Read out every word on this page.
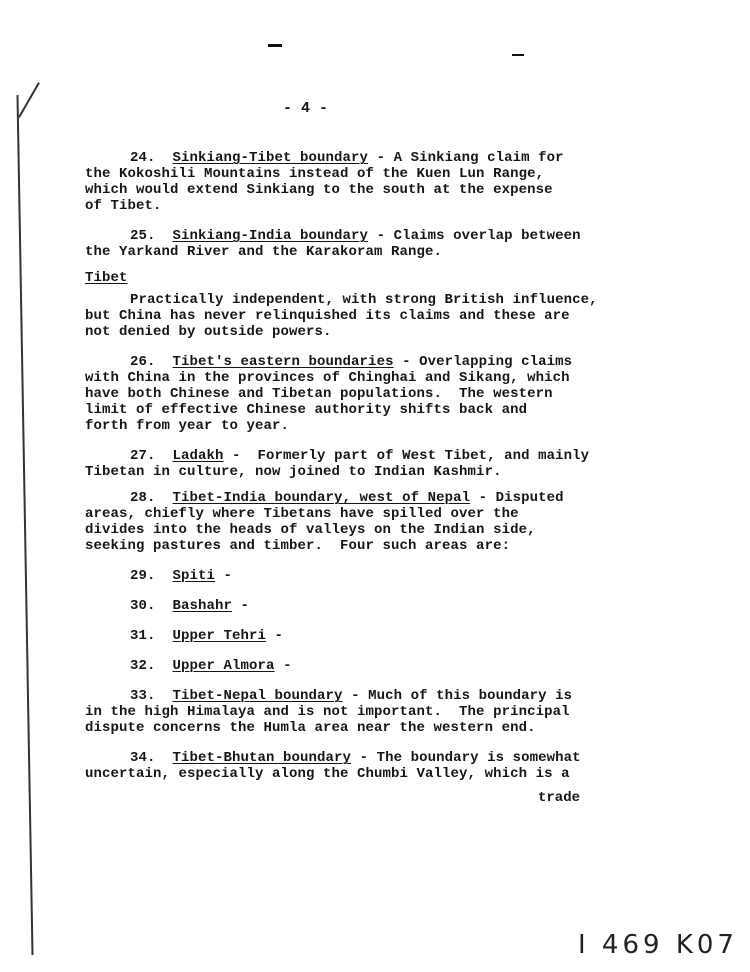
- 4 -
24. Sinkiang-Tibet boundary - A Sinkiang claim for
the Kokoshili Mountains instead of the Kuen Lun Range,
which would extend Sinkiang to the south at the expense
of Tibet.
25. Sinkiang-India boundary - Claims overlap between
the Yarkand River and the Karakoram Range.
Tibet
Practically independent, with strong British influence,
but China has never relinquished its claims and these are
not denied by outside powers.
26. Tibet's eastern boundaries - Overlapping claims
with China in the provinces of Chinghai and Sikang, which
have both Chinese and Tibetan populations.  The western
limit of effective Chinese authority shifts back and
forth from year to year.
27. Ladakh -  Formerly part of West Tibet, and mainly
Tibetan in culture, now joined to Indian Kashmir.
28. Tibet-India boundary, west of Nepal - Disputed
areas, chiefly where Tibetans have spilled over the
divides into the heads of valleys on the Indian side,
seeking pastures and timber.  Four such areas are:
29. Spiti -
30. Bashahr -
31. Upper Tehri -
32. Upper Almora -
33. Tibet-Nepal boundary - Much of this boundary is
in the high Himalaya and is not important.  The principal
dispute concerns the Humla area near the western end.
34. Tibet-Bhutan boundary - The boundary is somewhat
uncertain, especially along the Chumbi Valley, which is a
trade
I 469 K07
